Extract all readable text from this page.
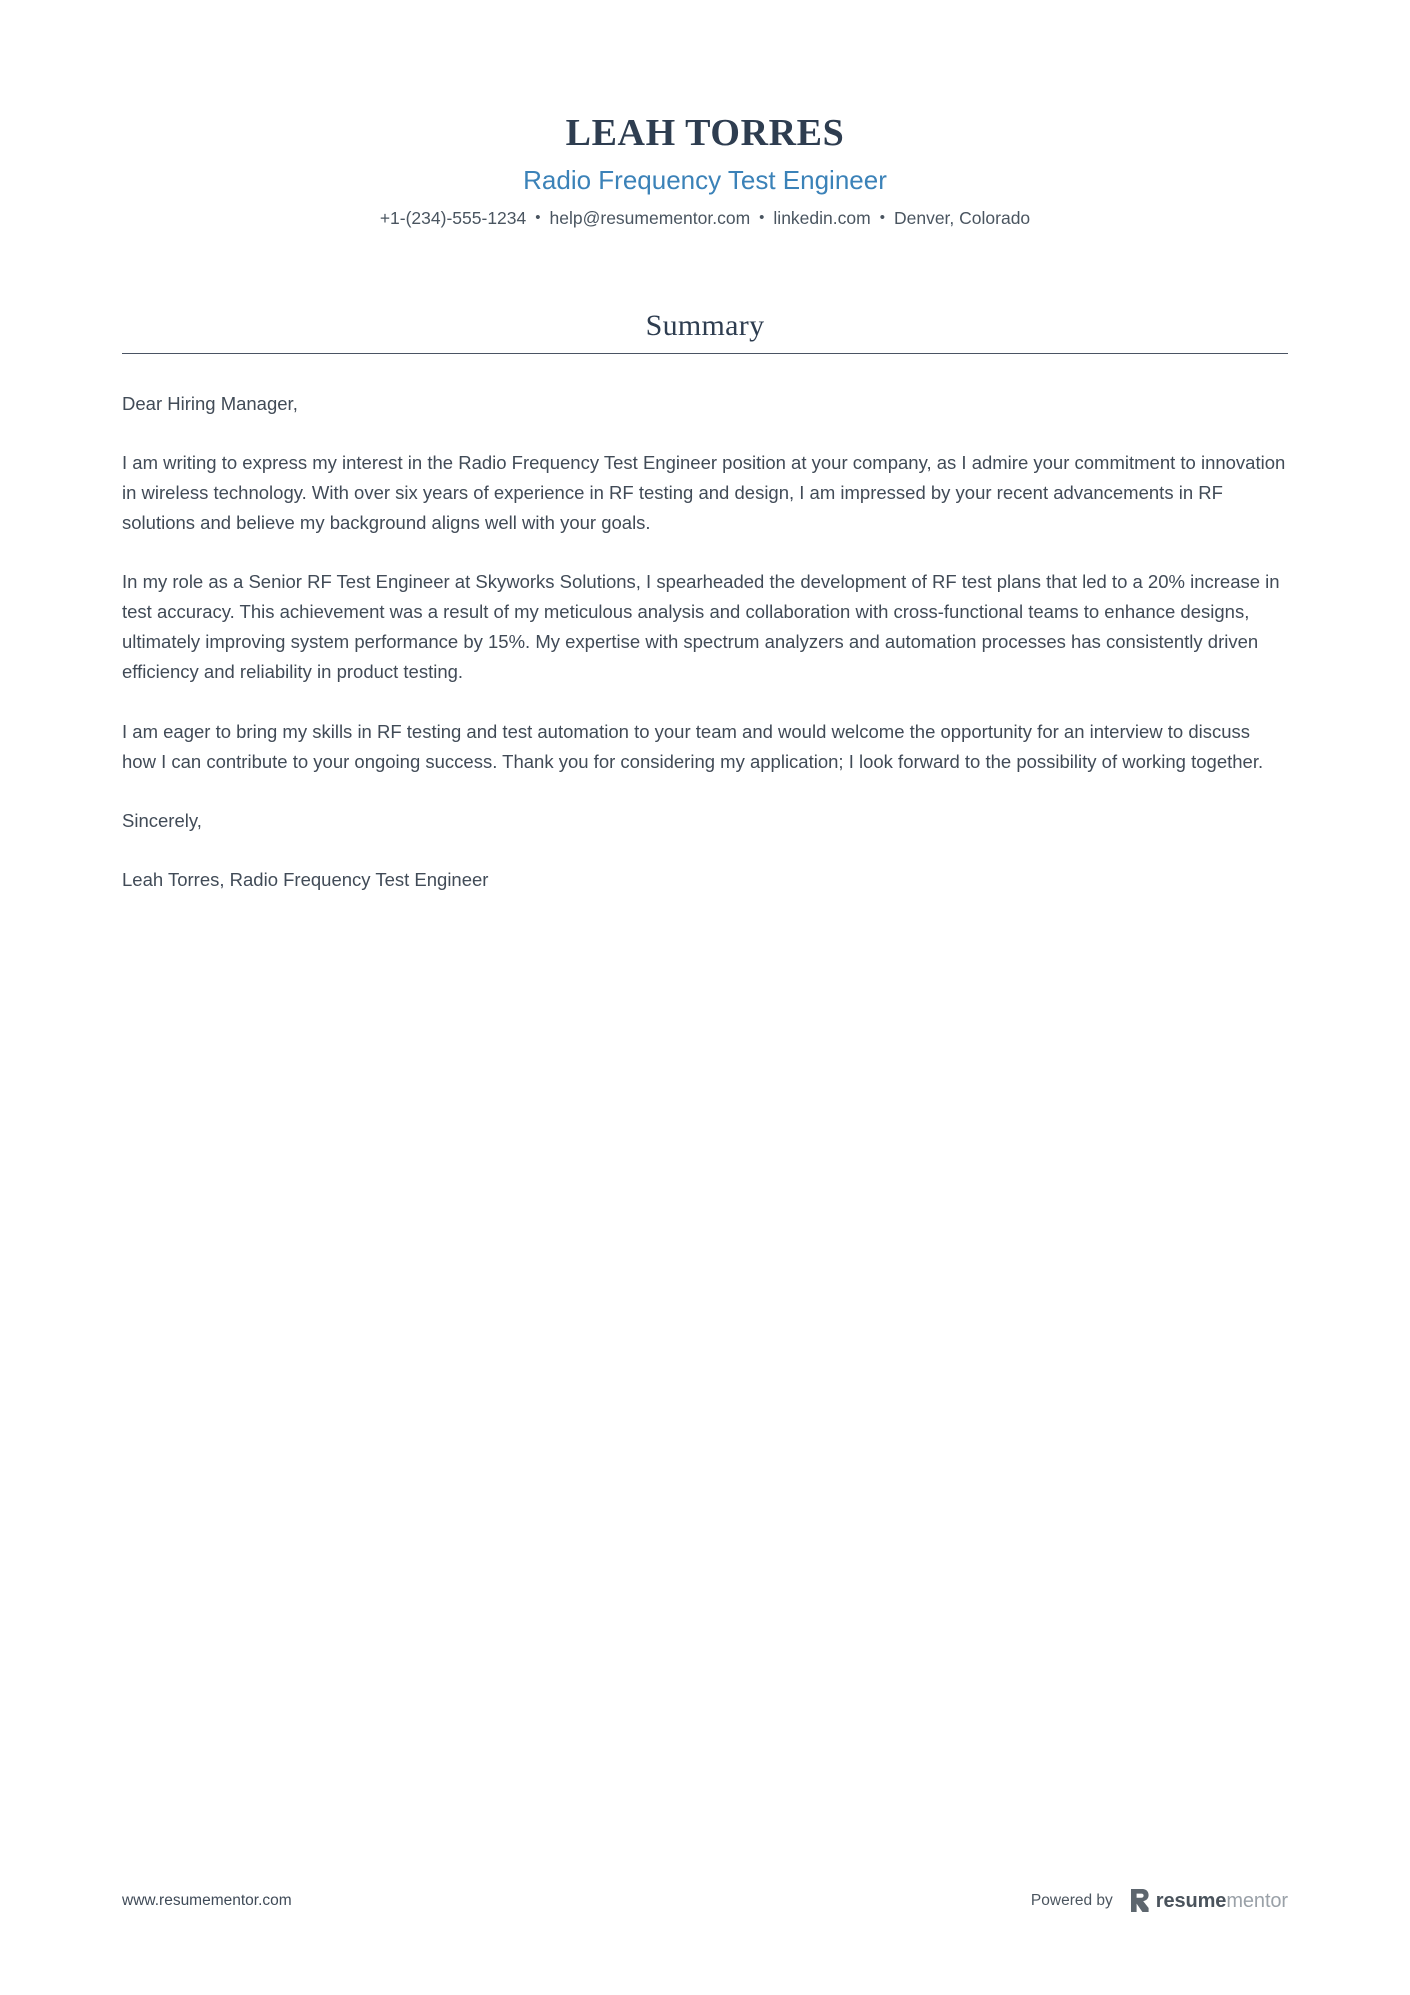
LEAH TORRES
Radio Frequency Test Engineer
+1-(234)-555-1234 • help@resumementor.com • linkedin.com • Denver, Colorado
Summary

Dear Hiring Manager,

I am writing to express my interest in the Radio Frequency Test Engineer position at your company, as I admire your commitment to innovation in wireless technology. With over six years of experience in RF testing and design, I am impressed by your recent advancements in RF solutions and believe my background aligns well with your goals.

In my role as a Senior RF Test Engineer at Skyworks Solutions, I spearheaded the development of RF test plans that led to a 20% increase in test accuracy. This achievement was a result of my meticulous analysis and collaboration with cross-functional teams to enhance designs, ultimately improving system performance by 15%. My expertise with spectrum analyzers and automation processes has consistently driven efficiency and reliability in product testing.

I am eager to bring my skills in RF testing and test automation to your team and would welcome the opportunity for an interview to discuss how I can contribute to your ongoing success. Thank you for considering my application; I look forward to the possibility of working together.

Sincerely,

Leah Torres, Radio Frequency Test Engineer

www.resumementor.com	Powered by resumementor
